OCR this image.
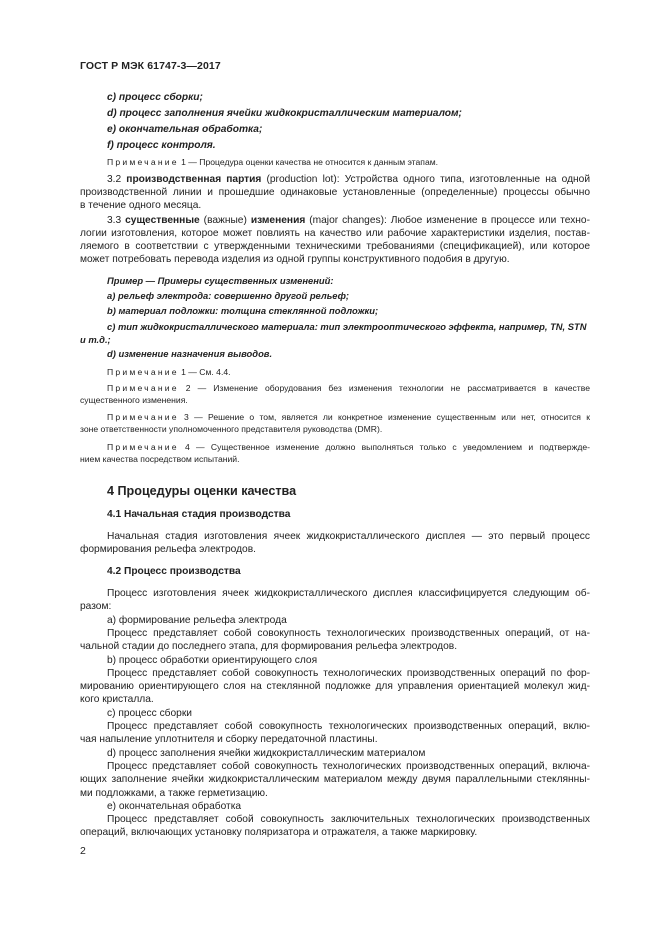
ГОСТ Р МЭК 61747-3—2017
с) процесс сборки;
d) процесс заполнения ячейки жидкокристаллическим материалом;
е) окончательная обработка;
f) процесс контроля.
Примечание 1 — Процедура оценки качества не относится к данным этапам.
3.2 производственная партия (production lot): Устройства одного типа, изготовленные на одной
производственной линии и прошедшие одинаковые установленные (определенные) процессы обычно
в течение одного месяца.
3.3 существенные (важные) изменения (major changes): Любое изменение в процессе или техно-
логии изготовления, которое может повлиять на качество или рабочие характеристики изделия, постав-
ляемого в соответствии с утвержденными техническими требованиями (спецификацией), или которое
может потребовать перевода изделия из одной группы конструктивного подобия в другую.
Пример — Примеры существенных изменений:
a) рельеф электрода: совершенно другой рельеф;
b) материал подложки: толщина стеклянной подложки;
c) тип жидкокристаллического материала: тип электрооптического эффекта, например, TN, STN
и т.д.;
d) изменение назначения выводов.
Примечание 1 — См. 4.4.
Примечание 2 — Изменение оборудования без изменения технологии не рассматривается в качестве
существенного изменения.
Примечание 3 — Решение о том, является ли конкретное изменение существенным или нет, относится к
зоне ответственности уполномоченного представителя руководства (DMR).
Примечание 4 — Существенное изменение должно выполняться только с уведомлением и подтвержде-
нием качества посредством испытаний.
4 Процедуры оценки качества
4.1 Начальная стадия производства
Начальная стадия изготовления ячеек жидкокристаллического дисплея — это первый процесс
формирования рельефа электродов.
4.2 Процесс производства
Процесс изготовления ячеек жидкокристаллического дисплея классифицируется следующим об-
разом:
а) формирование рельефа электрода
Процесс представляет собой совокупность технологических производственных операций, от на-
чальной стадии до последнего этапа, для формирования рельефа электродов.
b) процесс обработки ориентирующего слоя
Процесс представляет собой совокупность технологических производственных операций по фор-
мированию ориентирующего слоя на стеклянной подложке для управления ориентацией молекул жид-
кого кристалла.
с) процесс сборки
Процесс представляет собой совокупность технологических производственных операций, вклю-
чая напыление уплотнителя и сборку передаточной пластины.
d) процесс заполнения ячейки жидкокристаллическим материалом
Процесс представляет собой совокупность технологических производственных операций, включа-
ющих заполнение ячейки жидкокристаллическим материалом между двумя параллельными стеклянны-
ми подложками, а также герметизацию.
е) окончательная обработка
Процесс представляет собой совокупность заключительных технологических производственных
операций, включающих установку поляризатора и отражателя, а также маркировку.
2
